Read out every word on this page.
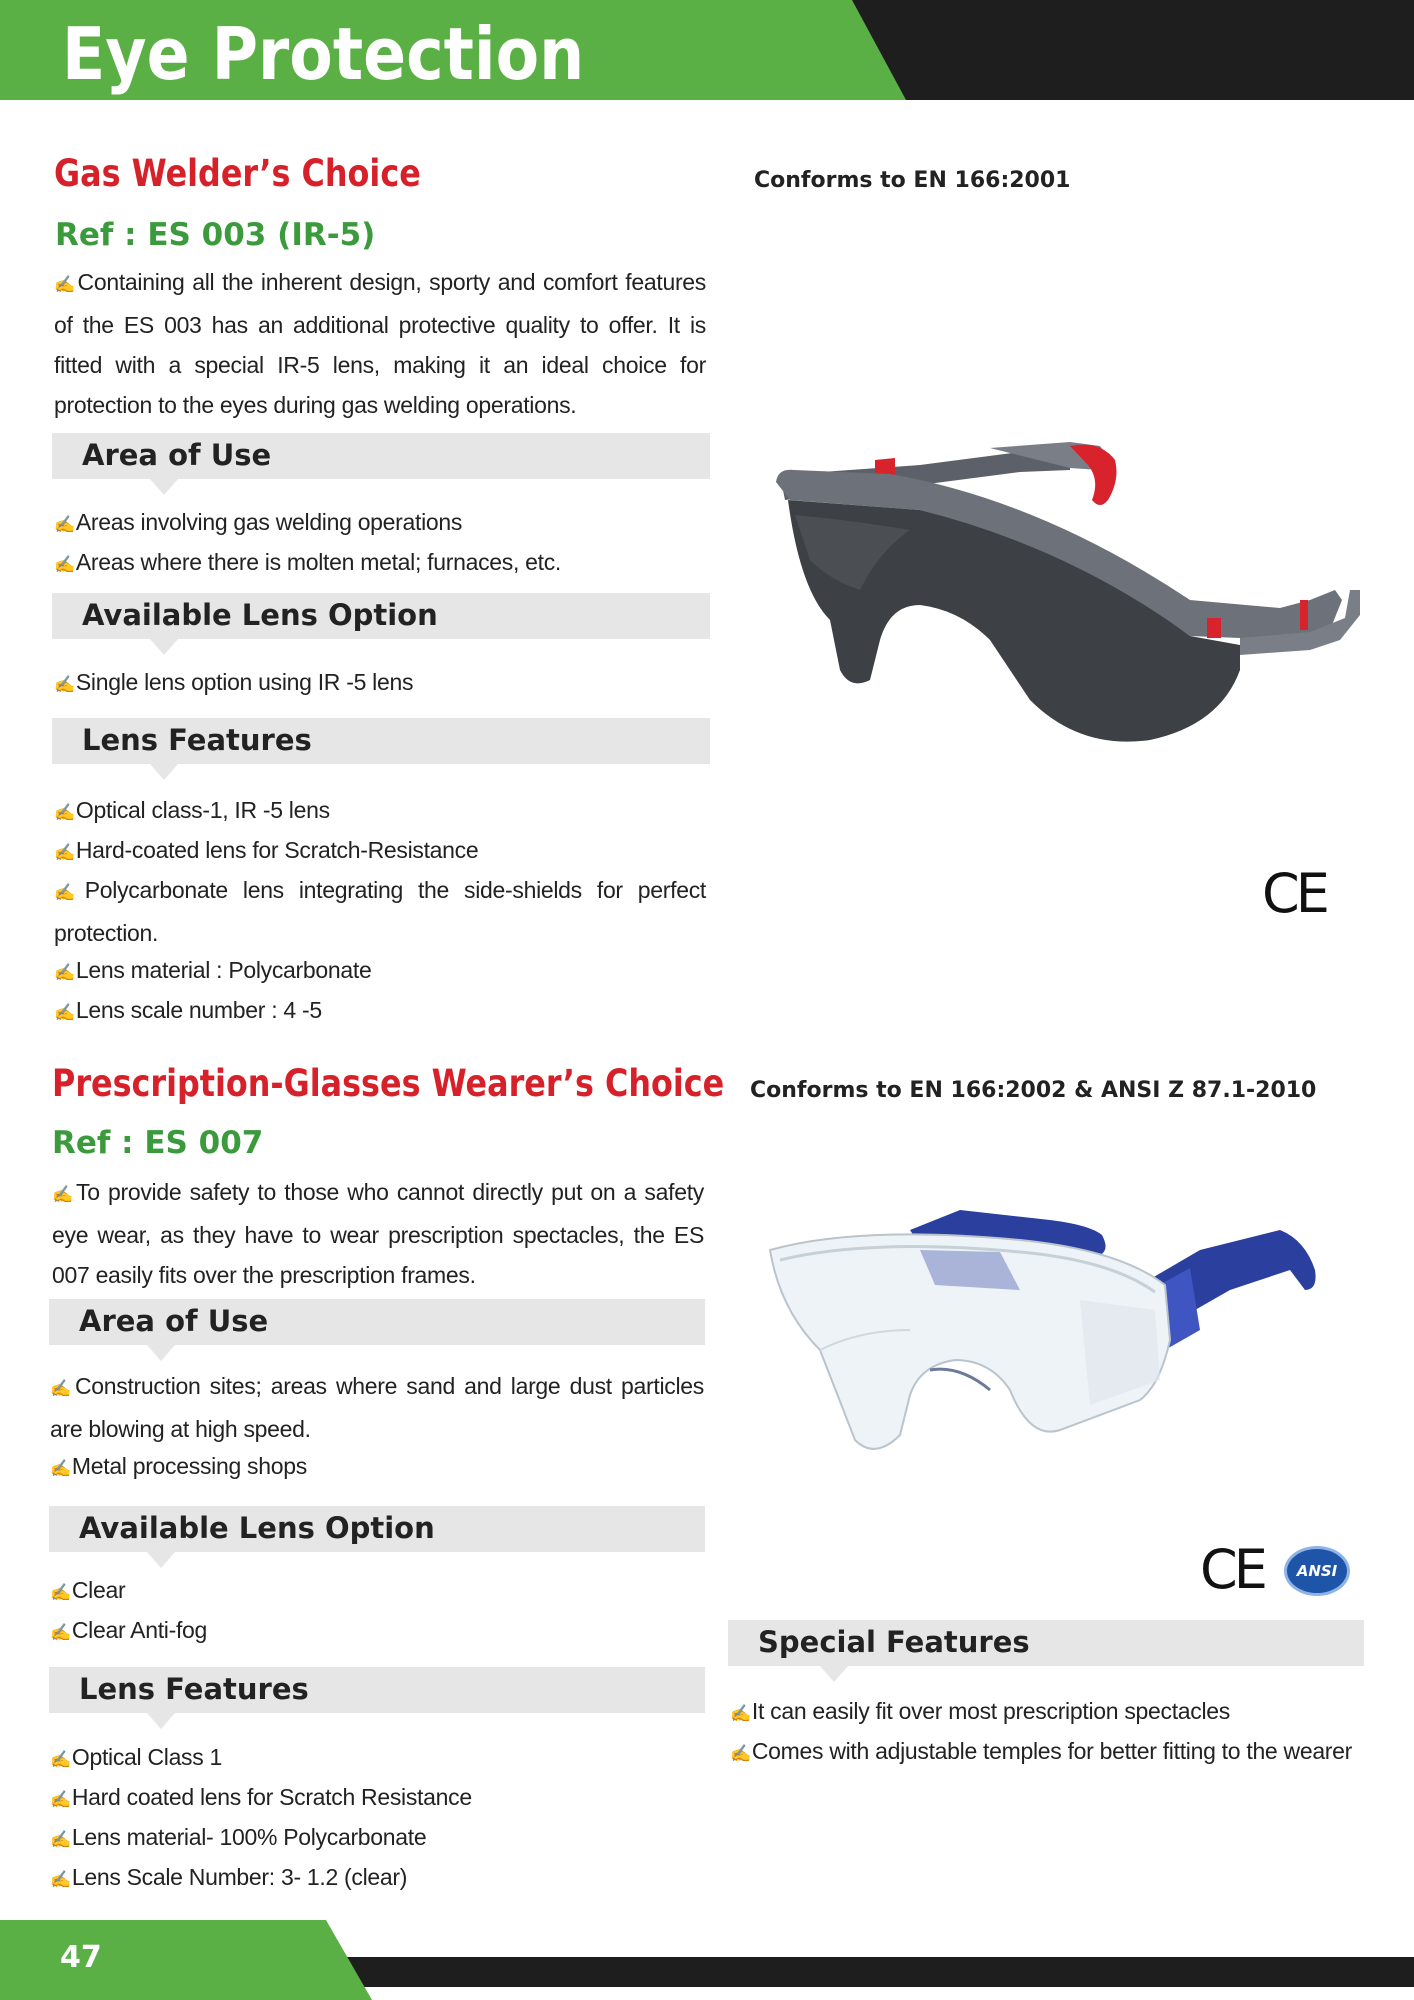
Eye Protection
Gas Welder’s Choice
Ref : ES 003 (IR-5)
Conforms to EN 166:2001
✍Containing all the inherent design, sporty and comfort features of the ES 003 has an additional protective quality to offer. It is fitted with a special IR-5 lens, making it an ideal choice for protection to the eyes during gas welding operations.
Area of Use
✍Areas involving gas welding operations
✍Areas where there is molten metal; furnaces, etc.
Available Lens Option
✍Single lens option using IR -5 lens
Lens Features
✍Optical class-1, IR -5 lens
✍Hard-coated lens for Scratch-Resistance
✍Polycarbonate lens integrating the side-shields for perfect protection.
✍Lens material : Polycarbonate
✍Lens scale number : 4 -5
CE
Prescription-Glasses Wearer’s Choice
Ref : ES 007
Conforms to EN 166:2002 & ANSI Z 87.1-2010
✍To provide safety to those who cannot directly put on a safety eye wear, as they have to wear prescription spectacles, the ES 007 easily fits over the prescription frames.
Area of Use
✍Construction sites; areas where sand and large dust particles are blowing at high speed.
✍Metal processing shops
Available Lens Option
✍Clear
✍Clear Anti-fog
Lens Features
✍Optical Class 1
✍Hard coated lens for Scratch Resistance
✍Lens material- 100% Polycarbonate
✍Lens Scale Number: 3- 1.2 (clear)
CE ANSI
Special Features
✍It can easily fit over most prescription spectacles
✍Comes with adjustable temples for better fitting to the wearer
47
